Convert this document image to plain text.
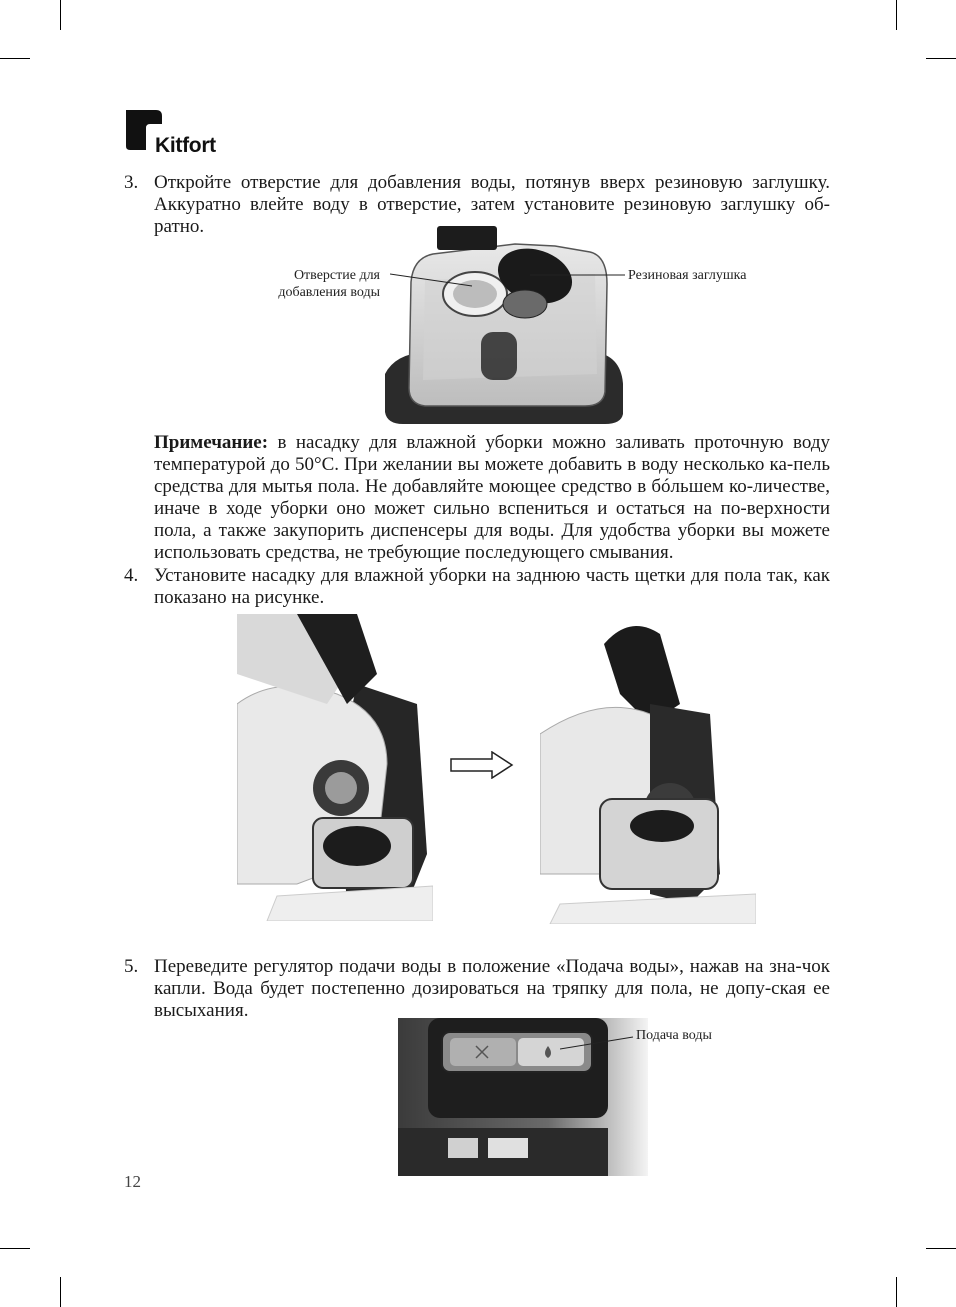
Kitfort
3. Откройте отверстие для добавления воды, потянув вверх резиновую заглушку. Аккуратно влейте воду в отверстие, затем установите резиновую заглушку об-ратно.
Отверстие для
добавления воды
Резиновая заглушка
Примечание: в насадку для влажной уборки можно заливать проточную воду температурой до 50°С. При желании вы можете добавить в воду несколько ка-пель средства для мытья пола. Не добавляйте моющее средство в бóльшем ко-личестве, иначе в ходе уборки оно может сильно вспениться и остаться на по-верхности пола, а также закупорить диспенсеры для воды. Для удобства уборки вы можете использовать средства, не требующие последующего смывания.
4. Установите насадку для влажной уборки на заднюю часть щетки для пола так, как показано на рисунке.
5. Переведите регулятор подачи воды в положение «Подача воды», нажав на зна-чок капли. Вода будет постепенно дозироваться на тряпку для пола, не допу-ская ее высыхания.
Подача воды
12
